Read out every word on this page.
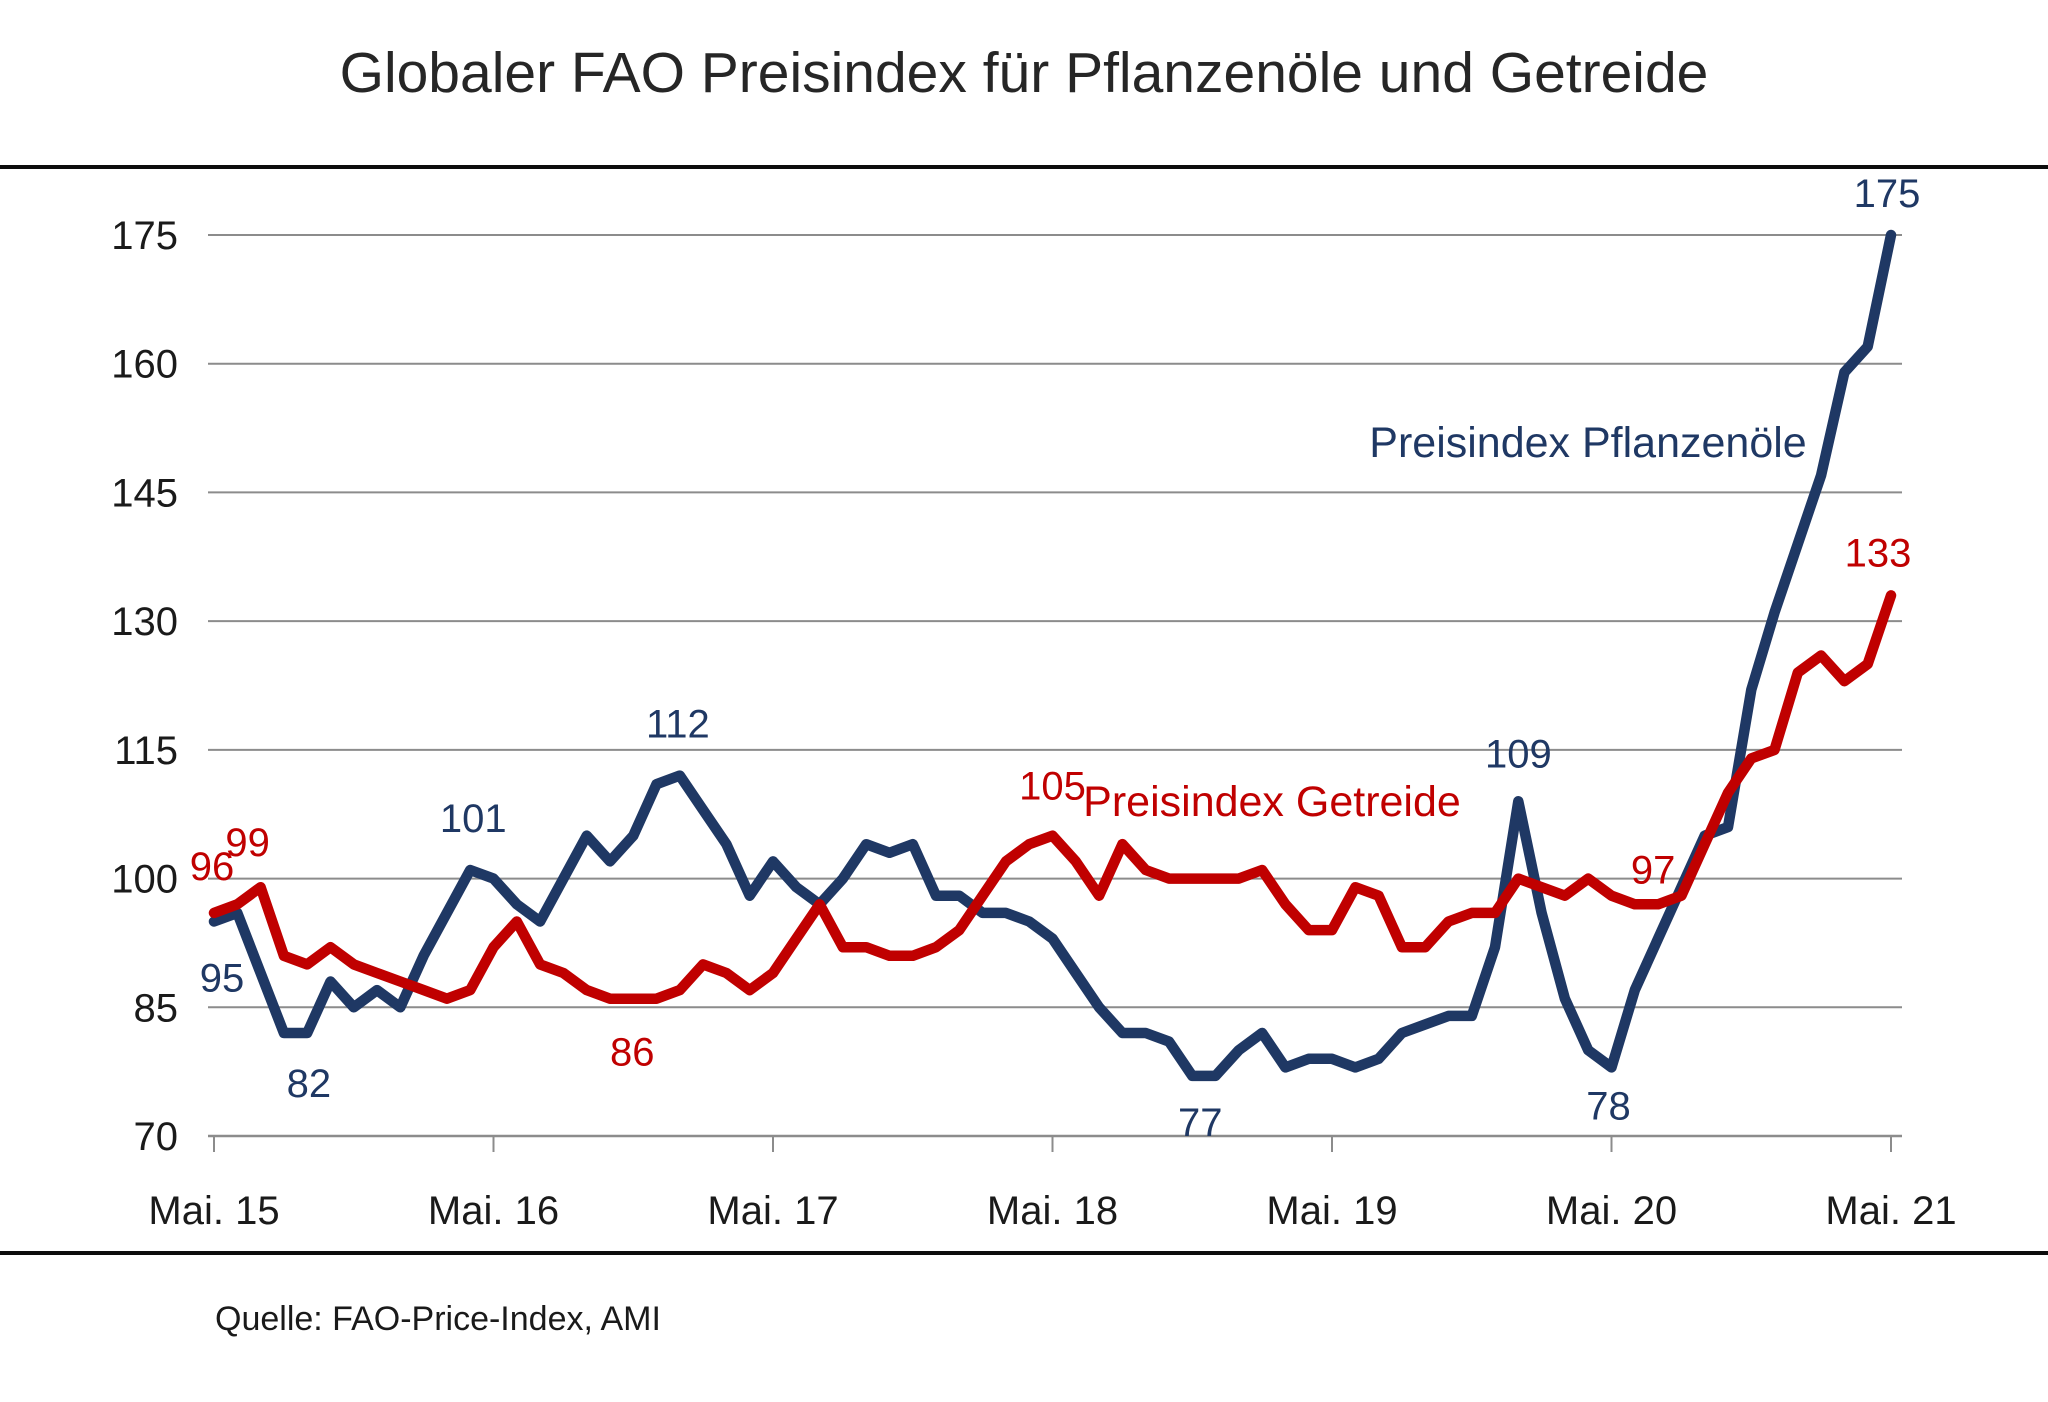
Globaler FAO Preisindex für Pflanzenöle und Getreide
70
85
100
115
130
145
160
175
Mai. 15	Mai. 16	Mai. 17	Mai. 18	Mai. 19	Mai. 20	Mai. 21
Preisindex Pflanzenöle
Preisindex Getreide
95
96
99
82
101
86
112
105
77
109
78
97
175
133
Quelle: FAO-Price-Index, AMI
